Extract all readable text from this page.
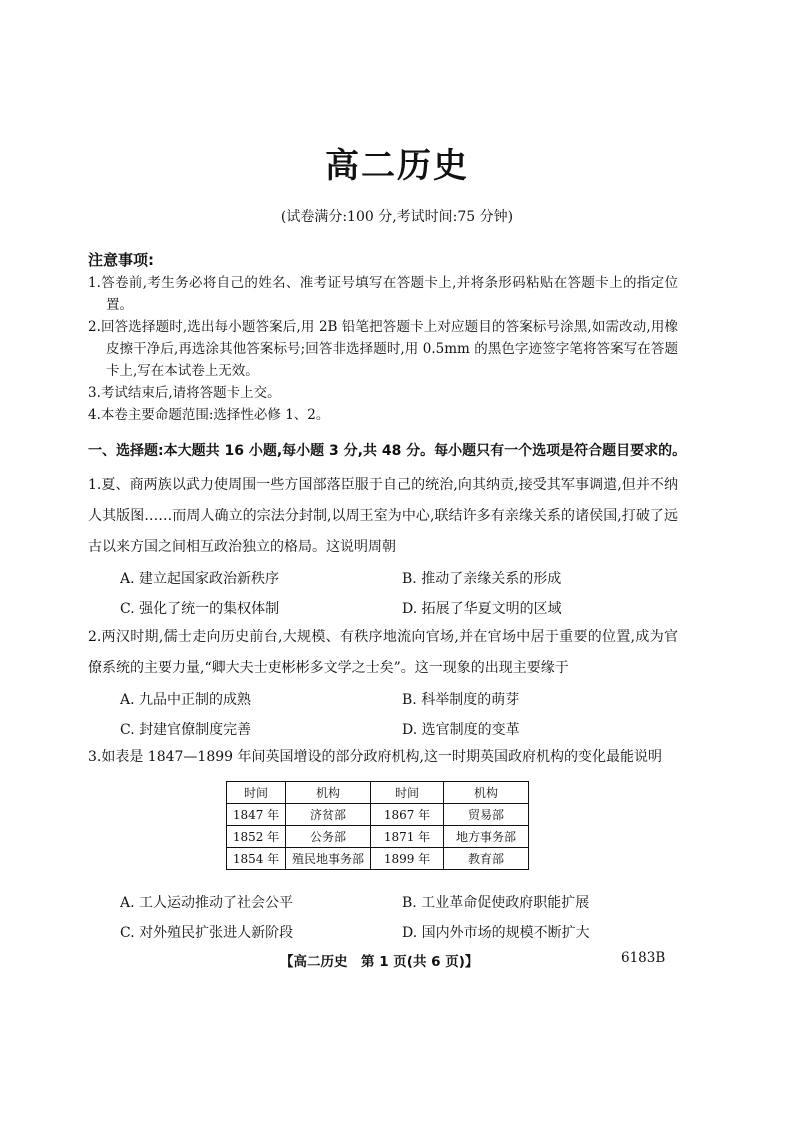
高二历史
(试卷满分:100 分,考试时间:75 分钟)
注意事项:
1.答卷前,考生务必将自己的姓名、准考证号填写在答题卡上,并将条形码粘贴在答题卡上的指定位置。
2.回答选择题时,选出每小题答案后,用 2B 铅笔把答题卡上对应题目的答案标号涂黑,如需改动,用橡皮擦干净后,再选涂其他答案标号;回答非选择题时,用 0.5mm 的黑色字迹签字笔将答案写在答题卡上,写在本试卷上无效。
3.考试结束后,请将答题卡上交。
4.本卷主要命题范围:选择性必修 1、2。
一、选择题:本大题共 16 小题,每小题 3 分,共 48 分。每小题只有一个选项是符合题目要求的。
1.夏、商两族以武力使周围一些方国部落臣服于自己的统治,向其纳贡,接受其军事调遣,但并不纳人其版图……而周人确立的宗法分封制,以周王室为中心,联结许多有亲缘关系的诸侯国,打破了远古以来方国之间相互政治独立的格局。这说明周朝
A. 建立起国家政治新秩序	B. 推动了亲缘关系的形成
C. 强化了统一的集权体制	D. 拓展了华夏文明的区域
2.两汉时期,儒士走向历史前台,大规模、有秩序地流向官场,并在官场中居于重要的位置,成为官僚系统的主要力量,“卿大夫士吏彬彬多文学之士矣”。这一现象的出现主要缘于
A. 九品中正制的成熟	B. 科举制度的萌芽
C. 封建官僚制度完善	D. 选官制度的变革
3.如表是 1847—1899 年间英国增设的部分政府机构,这一时期英国政府机构的变化最能说明
时间	机构	时间	机构
1847 年	济贫部	1867 年	贸易部
1852 年	公务部	1871 年	地方事务部
1854 年	殖民地事务部	1899 年	教育部
A. 工人运动推动了社会公平	B. 工业革命促使政府职能扩展
C. 对外殖民扩张进人新阶段	D. 国内外市场的规模不断扩大
【高二历史　第 1 页(共 6 页)】	6183B
